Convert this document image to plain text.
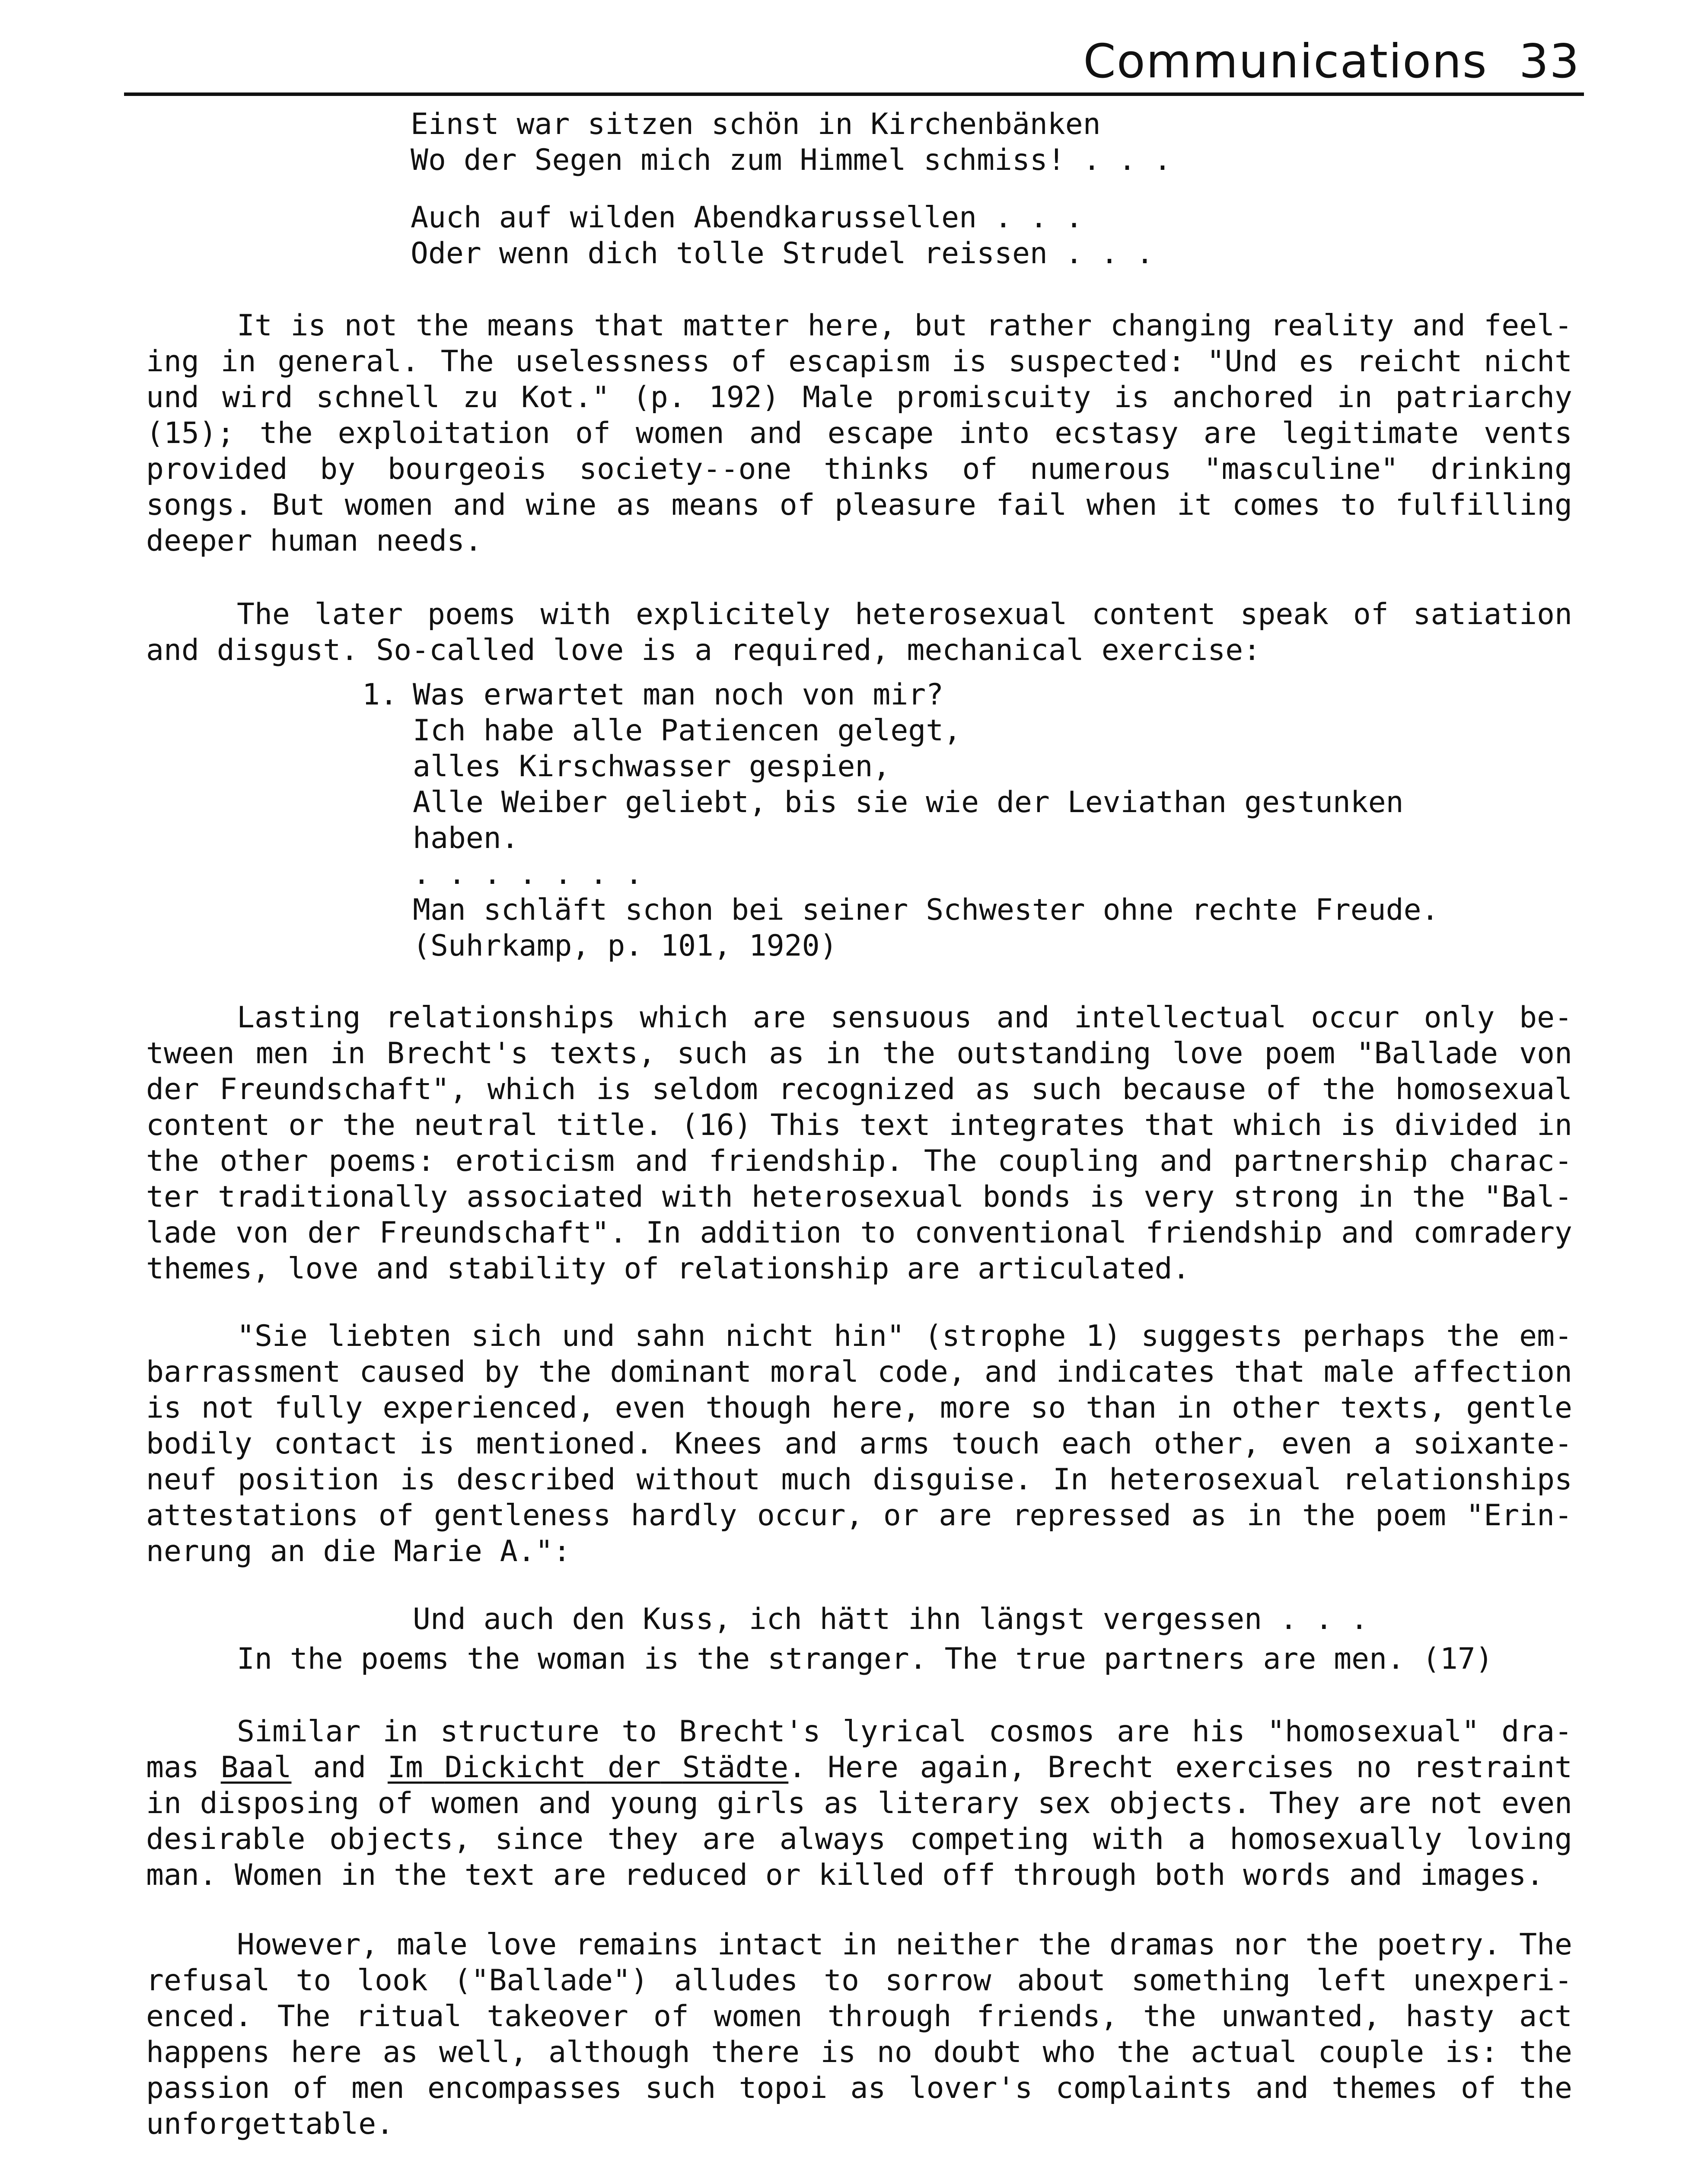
Communications 33
Einst war sitzen schön in Kirchenbänken
Wo der Segen mich zum Himmel schmiss! . . .
Auch auf wilden Abendkarussellen . . .
Oder wenn dich tolle Strudel reissen . . .
It is not the means that matter here, but rather changing reality and feel-
ing in general. The uselessness of escapism is suspected: "Und es reicht nicht
und wird schnell zu Kot." (p. 192) Male promiscuity is anchored in patriarchy
(15); the exploitation of women and escape into ecstasy are legitimate vents
provided by bourgeois society--one thinks of numerous "masculine" drinking
songs. But women and wine as means of pleasure fail when it comes to fulfilling
deeper human needs.
The later poems with explicitely heterosexual content speak of satiation
and disgust. So-called love is a required, mechanical exercise:
1. Was erwartet man noch von mir?
Ich habe alle Patiencen gelegt,
alles Kirschwasser gespien,
Alle Weiber geliebt, bis sie wie der Leviathan gestunken
haben.
. . . . . . .
Man schläft schon bei seiner Schwester ohne rechte Freude.
(Suhrkamp, p. 101, 1920)
Lasting relationships which are sensuous and intellectual occur only be-
tween men in Brecht's texts, such as in the outstanding love poem "Ballade von
der Freundschaft", which is seldom recognized as such because of the homosexual
content or the neutral title. (16) This text integrates that which is divided in
the other poems: eroticism and friendship. The coupling and partnership charac-
ter traditionally associated with heterosexual bonds is very strong in the "Bal-
lade von der Freundschaft". In addition to conventional friendship and comradery
themes, love and stability of relationship are articulated.
"Sie liebten sich und sahn nicht hin" (strophe 1) suggests perhaps the em-
barrassment caused by the dominant moral code, and indicates that male affection
is not fully experienced, even though here, more so than in other texts, gentle
bodily contact is mentioned. Knees and arms touch each other, even a soixante-
neuf position is described without much disguise. In heterosexual relationships
attestations of gentleness hardly occur, or are repressed as in the poem "Erin-
nerung an die Marie A.":
Und auch den Kuss, ich hätt ihn längst vergessen . . .
In the poems the woman is the stranger. The true partners are men. (17)
Similar in structure to Brecht's lyrical cosmos are his "homosexual" dra-
mas Baal and Im Dickicht der Städte. Here again, Brecht exercises no restraint
in disposing of women and young girls as literary sex objects. They are not even
desirable objects, since they are always competing with a homosexually loving
man. Women in the text are reduced or killed off through both words and images.
However, male love remains intact in neither the dramas nor the poetry. The
refusal to look ("Ballade") alludes to sorrow about something left unexperi-
enced. The ritual takeover of women through friends, the unwanted, hasty act
happens here as well, although there is no doubt who the actual couple is: the
passion of men encompasses such topoi as lover's complaints and themes of the
unforgettable.
